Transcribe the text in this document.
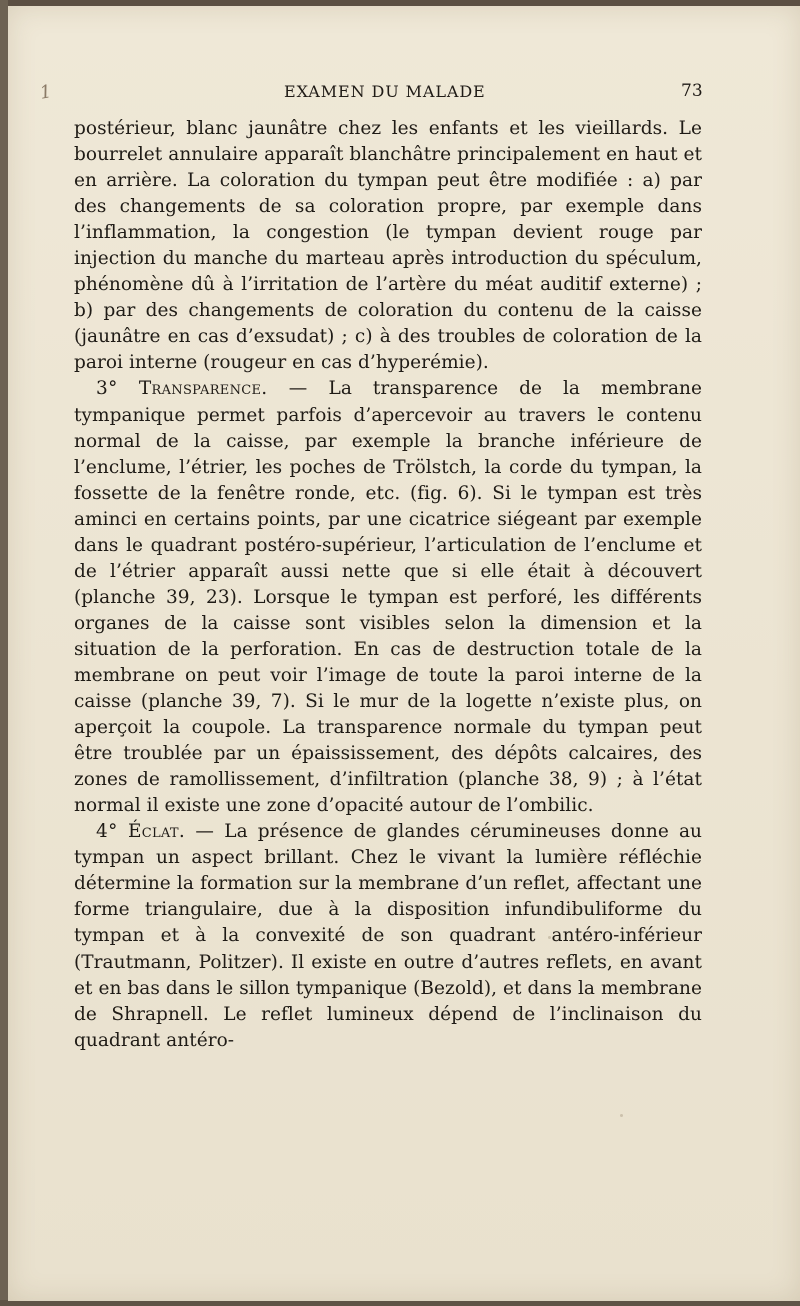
1	EXAMEN DU MALADE	73

postérieur, blanc jaunâtre chez les enfants et les vieillards. Le bourrelet annulaire apparaît blanchâtre principalement en haut et en arrière. La coloration du tympan peut être modifiée : a) par des changements de sa coloration propre, par exemple dans l’inflammation, la congestion (le tympan devient rouge par injection du manche du marteau après introduction du spéculum, phénomène dû à l’irritation de l’artère du méat auditif externe) ; b) par des changements de coloration du contenu de la caisse (jaunâtre en cas d’exsudat) ; c) à des troubles de coloration de la paroi interne (rougeur en cas d’hyperémie).

3° Transparence. — La transparence de la membrane tympanique permet parfois d’apercevoir au travers le contenu normal de la caisse, par exemple la branche inférieure de l’enclume, l’étrier, les poches de Trölstch, la corde du tympan, la fossette de la fenêtre ronde, etc. (fig. 6). Si le tympan est très aminci en certains points, par une cicatrice siégeant par exemple dans le quadrant postéro-supérieur, l’articulation de l’enclume et de l’étrier apparaît aussi nette que si elle était à découvert (planche 39, 23). Lorsque le tympan est perforé, les différents organes de la caisse sont visibles selon la dimension et la situation de la perforation. En cas de destruction totale de la membrane on peut voir l’image de toute la paroi interne de la caisse (planche 39, 7). Si le mur de la logette n’existe plus, on aperçoit la coupole. La transparence normale du tympan peut être troublée par un épaississement, des dépôts calcaires, des zones de ramollissement, d’infiltration (planche 38, 9) ; à l’état normal il existe une zone d’opacité autour de l’ombilic.

4° Éclat. — La présence de glandes cérumineuses donne au tympan un aspect brillant. Chez le vivant la lumière réfléchie détermine la formation sur la membrane d’un reflet, affectant une forme triangulaire, due à la disposition infundibuliforme du tympan et à la convexité de son quadrant antéro-inférieur (Trautmann, Politzer). Il existe en outre d’autres reflets, en avant et en bas dans le sillon tympanique (Bezold), et dans la membrane de Shrapnell. Le reflet lumineux dépend de l’inclinaison du quadrant antéro-
